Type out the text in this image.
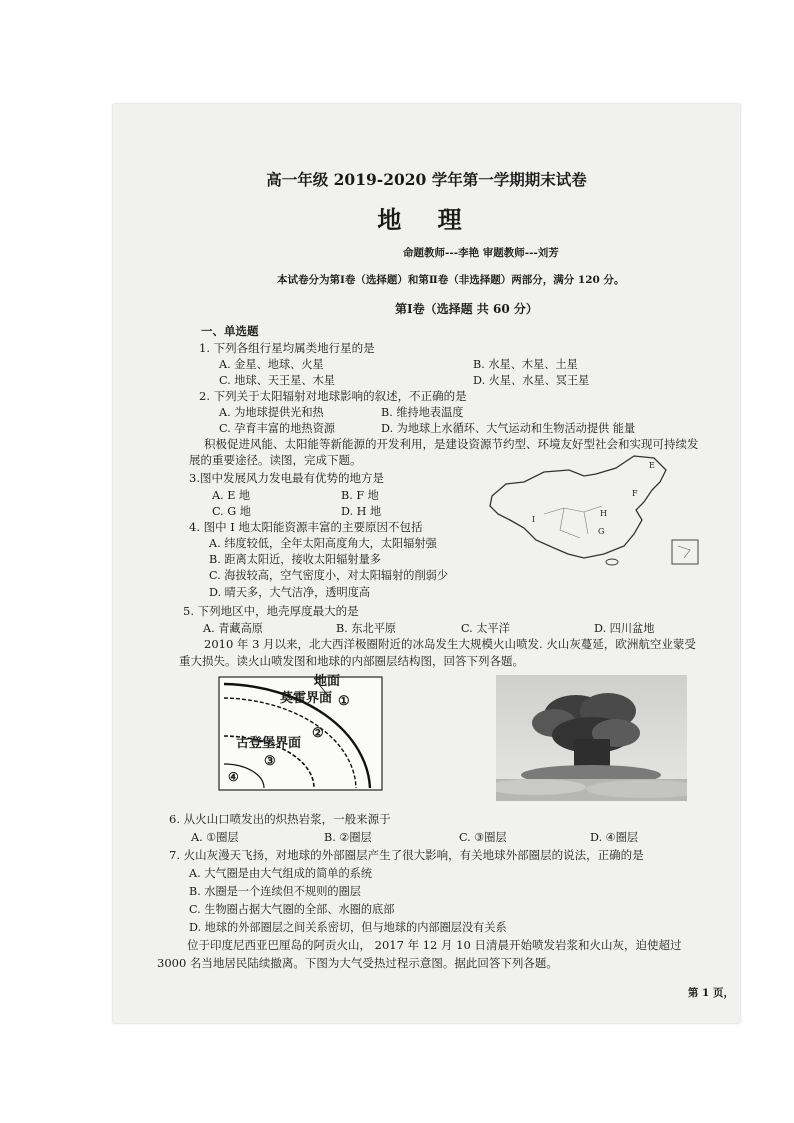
高一年级 2019-2020 学年第一学期期末试卷
地 理
命题教师---李艳 审题教师---刘芳
本试卷分为第Ⅰ卷（选择题）和第Ⅱ卷（非选择题）两部分，满分 120 分。
第Ⅰ卷（选择题 共 60 分）
一、单选题
1. 下列各组行星均属类地行星的是
A. 金星、地球、火星	B. 水星、木星、土星
C. 地球、天王星、木星	D. 火星、水星、冥王星
2. 下列关于太阳辐射对地球影响的叙述，不正确的是
A. 为地球提供光和热	B. 维持地表温度
C. 孕育丰富的地热资源	D. 为地球上水循环、大气运动和生物活动提供 能量
积极促进风能、太阳能等新能源的开发利用，是建设资源节约型、环境友好型社会和实现可持续发
展的重要途径。读图，完成下题。
3.图中发展风力发电最有优势的地方是
A. E 地	B. F 地
C. G 地	D. H 地
4. 图中 I 地太阳能资源丰富的主要原因不包括
A. 纬度较低，全年太阳高度角大，太阳辐射强
B. 距离太阳近，接收太阳辐射量多
C. 海拔较高，空气密度小，对太阳辐射的削弱少
D. 晴天多，大气洁净，透明度高
E
F
G
H
I
5. 下列地区中，地壳厚度最大的是
A. 青藏高原	B. 东北平原	C. 太平洋	D. 四川盆地
2010 年 3 月以来，北大西洋极圈附近的冰岛发生大规模火山喷发. 火山灰蔓延，欧洲航空业蒙受
重大损失。读火山喷发图和地球的内部圈层结构图，回答下列各题。
地面
莫霍界面 ①
②
古登堡界面
③
④
6. 从火山口喷发出的炽热岩浆，一般来源于
A. ①圈层	B. ②圈层	C. ③圈层	D. ④圈层
7. 火山灰漫天飞扬，对地球的外部圈层产生了很大影响，有关地球外部圈层的说法，正确的是
A. 大气圈是由大气组成的简单的系统
B. 水圈是一个连续但不规则的圈层
C. 生物圈占据大气圈的全部、水圈的底部
D. 地球的外部圈层之间关系密切，但与地球的内部圈层没有关系
位于印度尼西亚巴厘岛的阿贡火山， 2017 年 12 月 10 日清晨开始喷发岩浆和火山灰，迫使超过
3000 名当地居民陆续撤离。下图为大气受热过程示意图。据此回答下列各题。
第 1 页，
